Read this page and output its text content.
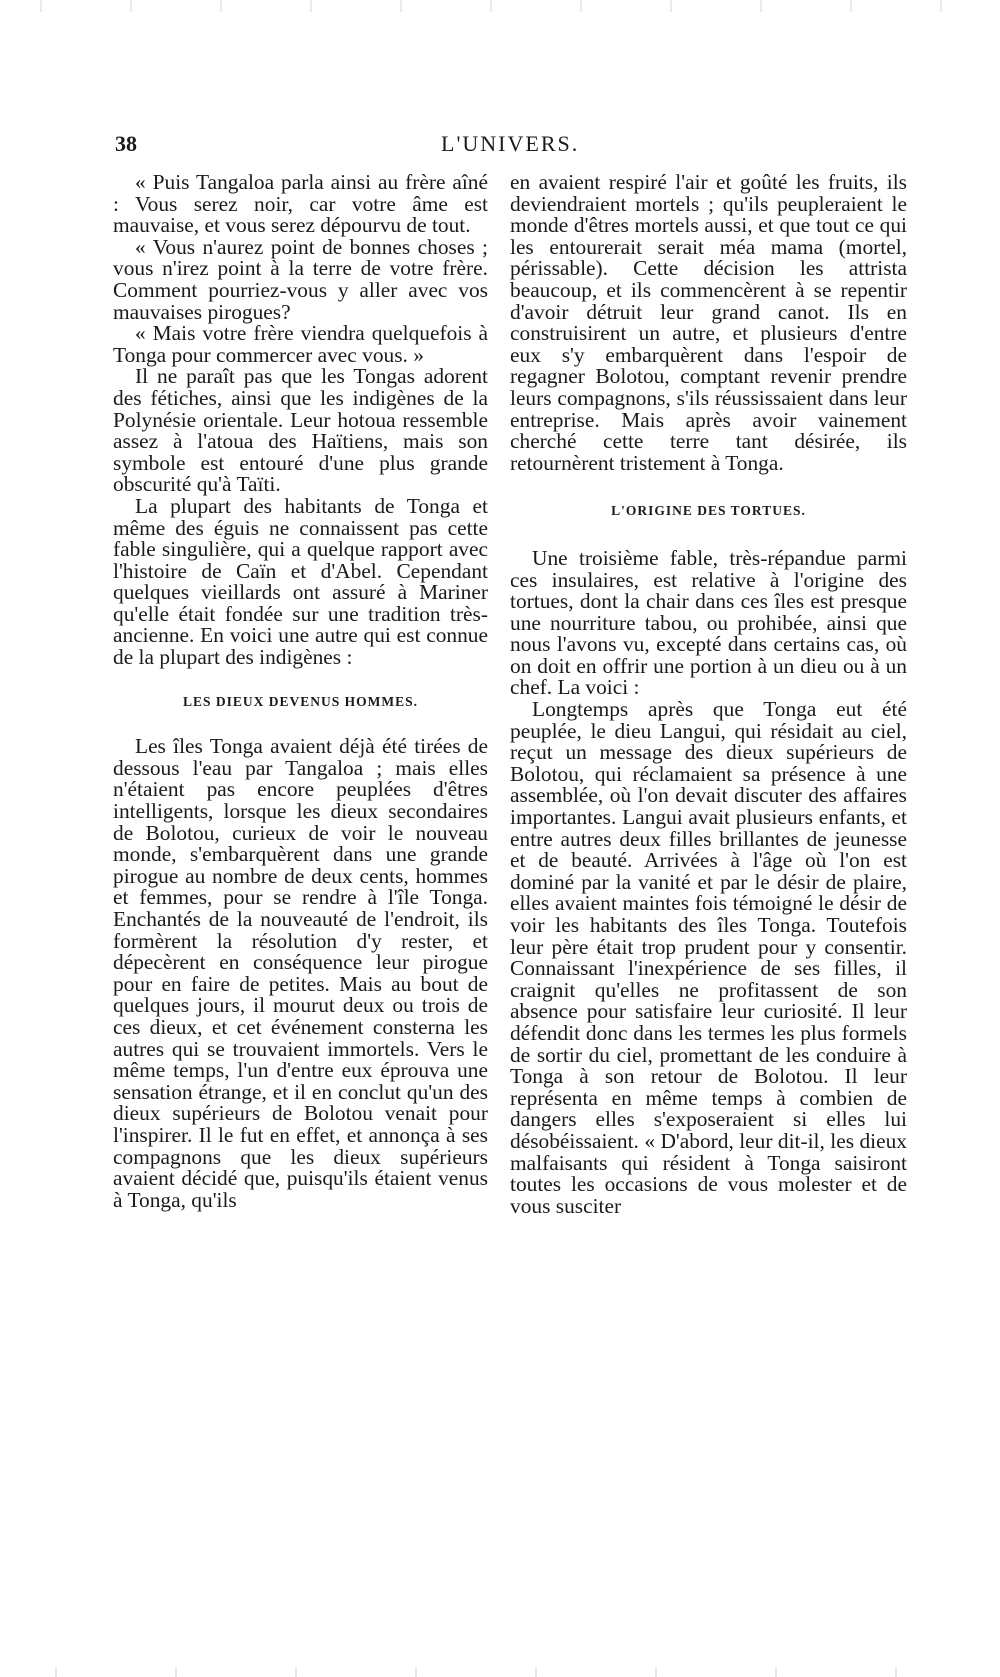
38	L'UNIVERS.

« Puis Tangaloa parla ainsi au frère aîné : Vous serez noir, car votre âme est mauvaise, et vous serez dépourvu de tout.

« Vous n'aurez point de bonnes choses ; vous n'irez point à la terre de votre frère. Comment pourriez-vous y aller avec vos mauvaises pirogues?

« Mais votre frère viendra quelquefois à Tonga pour commercer avec vous. »

Il ne paraît pas que les Tongas adorent des fétiches, ainsi que les indigènes de la Polynésie orientale. Leur hotoua ressemble assez à l'atoua des Haïtiens, mais son symbole est entouré d'une plus grande obscurité qu'à Taïti.

La plupart des habitants de Tonga et même des éguis ne connaissent pas cette fable singulière, qui a quelque rapport avec l'histoire de Caïn et d'Abel. Cependant quelques vieillards ont assuré à Mariner qu'elle était fondée sur une tradition très-ancienne. En voici une autre qui est connue de la plupart des indigènes :

LES DIEUX DEVENUS HOMMES.

Les îles Tonga avaient déjà été tirées de dessous l'eau par Tangaloa ; mais elles n'étaient pas encore peuplées d'êtres intelligents, lorsque les dieux secondaires de Bolotou, curieux de voir le nouveau monde, s'embarquèrent dans une grande pirogue au nombre de deux cents, hommes et femmes, pour se rendre à l'île Tonga. Enchantés de la nouveauté de l'endroit, ils formèrent la résolution d'y rester, et dépecèrent en conséquence leur pirogue pour en faire de petites. Mais au bout de quelques jours, il mourut deux ou trois de ces dieux, et cet événement consterna les autres qui se trouvaient immortels. Vers le même temps, l'un d'entre eux éprouva une sensation étrange, et il en conclut qu'un des dieux supérieurs de Bolotou venait pour l'inspirer. Il le fut en effet, et annonça à ses compagnons que les dieux supérieurs avaient décidé que, puisqu'ils étaient venus à Tonga, qu'ils

en avaient respiré l'air et goûté les fruits, ils deviendraient mortels ; qu'ils peupleraient le monde d'êtres mortels aussi, et que tout ce qui les entourerait serait méa mama (mortel, périssable). Cette décision les attrista beaucoup, et ils commencèrent à se repentir d'avoir détruit leur grand canot. Ils en construisirent un autre, et plusieurs d'entre eux s'y embarquèrent dans l'espoir de regagner Bolotou, comptant revenir prendre leurs compagnons, s'ils réussissaient dans leur entreprise. Mais après avoir vainement cherché cette terre tant désirée, ils retournèrent tristement à Tonga.

L'ORIGINE DES TORTUES.

Une troisième fable, très-répandue parmi ces insulaires, est relative à l'origine des tortues, dont la chair dans ces îles est presque une nourriture tabou, ou prohibée, ainsi que nous l'avons vu, excepté dans certains cas, où on doit en offrir une portion à un dieu ou à un chef. La voici :

Longtemps après que Tonga eut été peuplée, le dieu Langui, qui résidait au ciel, reçut un message des dieux supérieurs de Bolotou, qui réclamaient sa présence à une assemblée, où l'on devait discuter des affaires importantes. Langui avait plusieurs enfants, et entre autres deux filles brillantes de jeunesse et de beauté. Arrivées à l'âge où l'on est dominé par la vanité et par le désir de plaire, elles avaient maintes fois témoigné le désir de voir les habitants des îles Tonga. Toutefois leur père était trop prudent pour y consentir. Connaissant l'inexpérience de ses filles, il craignit qu'elles ne profitassent de son absence pour satisfaire leur curiosité. Il leur défendit donc dans les termes les plus formels de sortir du ciel, promettant de les conduire à Tonga à son retour de Bolotou. Il leur représenta en même temps à combien de dangers elles s'exposeraient si elles lui désobéissaient. « D'abord, leur dit-il, les dieux malfaisants qui résident à Tonga saisiront toutes les occasions de vous molester et de vous susciter
